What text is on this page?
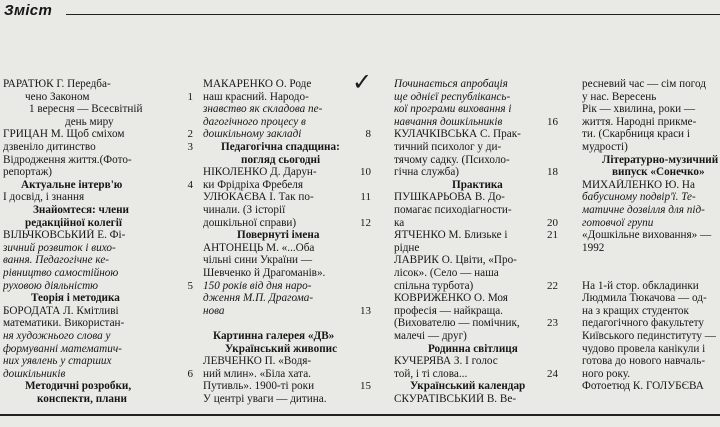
Зміст
✓
РАРАТЮК Г. Передба-
чено Законом	1
1 вересня — Всесвітній
день миру
ГРИЦАН М. Щоб сміхом	2
дзвеніло дитинство	3
Відродження життя.(Фото-
репортаж)
Актуальне інтерв'ю	4
І досвід, і знання
Знайомтеся: члени
редакційної колегії
ВІЛЬЧКОВСЬКИЙ Е. Фі-
зичний розвиток і вихо-
вання. Педагогічне ке-
рівництво самостійною
руховою діяльністю	5
Теорія і методика
БОРОДАТА Л. Кмітливі
математики. Використан-
ня художнього слова у
формуванні математич-
них уявлень у старших
дошкільників	6
Методичні розробки,
конспекти, плани
МАКАРЕНКО О. Роде
наш красний. Народо-
знавство як складова пе-
дагогічного процесу в
дошкільному закладі	8
Педагогічна спадщина:
погляд сьогодні
НІКОЛЕНКО Д. Дарун-	10
ки Фрідріха Фребеля
УЛЮКАЄВА І. Так по-	11
чинали. (З історії
дошкільної справи)	12
Повернуті імена
АНТОНЕЦЬ М. «...Оба
чільні сини України —
Шевченко й Драгоманів».
150 років від дня наро-
дження М.П. Драгома-
нова	13
Картинна галерея «ДВ»
Український живопис
ЛЕВЧЕНКО П. «Водя-
ний млин». «Біла хата.
Путивль». 1900-ті роки	15
У центрі уваги — дитина.
Починається апробація
ще однієї республікансь-
кої програми виховання і
навчання дошкільників	16
КУЛАЧКІВСЬКА С. Прак-
тичний психолог у ди-
тячому садку. (Психоло-
гічна служба)	18
Практика
ПУШКАРЬОВА В. До-
помагає психодіагности-
ка	20
ЯТЧЕНКО М. Близьке і	21
рідне
ЛАВРИК О. Цвіти, «Про-
лісок». (Село — наша
спільна турбота)	22
КОВРИЖЕНКО О. Моя
професія — найкраща.
(Вихователю — помічник,	23
малечі — друг)
Родинна світлиця
КУЧЕРЯВА З. І голос
той, і ті слова...	24
Український календар
СКУРАТІВСЬКИЙ В. Ве-
ресневий час — сім погод
у нас. Вересень
Рік — хвилина, роки —
життя. Народні прикме-
ти. (Скарбниця краси і
мудрості)
Літературно-музичний
випуск «Сонечко»
МИХАЙЛЕНКО Ю. На
бабусиному подвір'ї. Те-
матичне дозвілля для під-
готовчої групи
«Дошкільне виховання» —
1992
На 1-й стор. обкладинки
Людмила Тюкачова — од-
на з кращих студенток
педагогічного факультету
Київського пединституту —
чудово провела канікули і
готова до нового навчаль-
ного року.
Фотоетюд К. ГОЛУБЄВА
